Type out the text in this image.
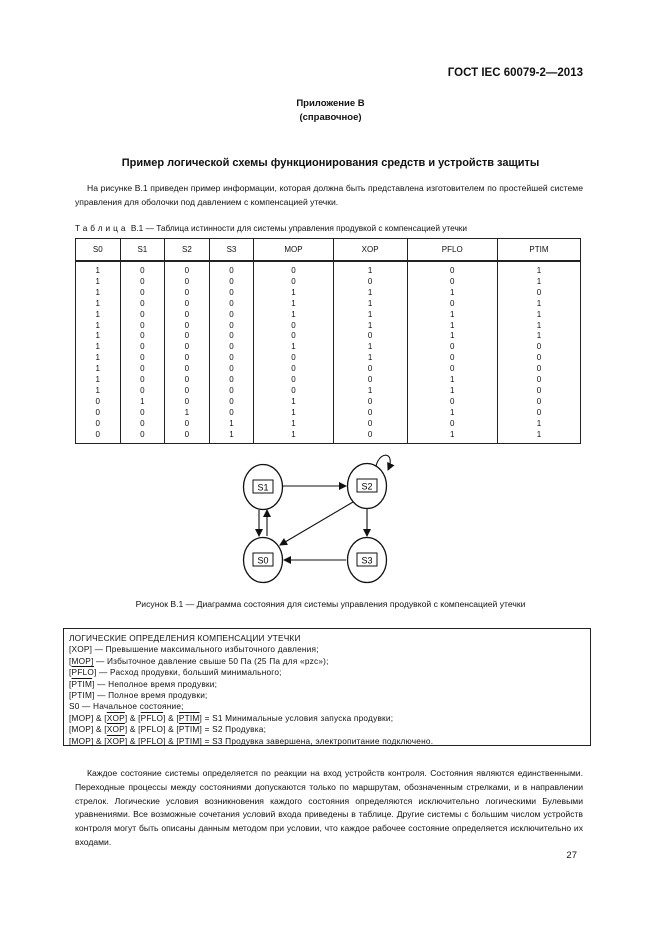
ГОСТ IEC 60079-2—2013
Приложение В
(справочное)
Пример логической схемы функционирования средств и устройств защиты

На рисунке В.1 приведен пример информации, которая должна быть представлена изготовителем по простейшей системе управления для оболочки под давлением с компенсацией утечки.

Таблица В.1 — Таблица истинности для системы управления продувкой с компенсацией утечки
S0	S1	S2	S3	MOP	XOP	PFLO	PTIM
1	0	0	0	0	1	0	1
1	0	0	0	0	0	0	1
1	0	0	0	1	1	1	0
1	0	0	0	1	1	0	1
1	0	0	0	1	1	1	1
1	0	0	0	0	1	1	1
1	0	0	0	0	0	1	1
1	0	0	0	1	1	0	0
1	0	0	0	0	1	0	0
1	0	0	0	0	0	0	0
1	0	0	0	0	0	1	0
1	0	0	0	0	1	1	0
0	1	0	0	1	0	0	0
0	0	1	0	1	0	1	0
0	0	0	1	1	0	0	1
0	0	0	1	1	0	1	1
S1	S2
S0	S3
Рисунок В.1 — Диаграмма состояния для системы управления продувкой с компенсацией утечки
ЛОГИЧЕСКИЕ ОПРЕДЕЛЕНИЯ КОМПЕНСАЦИИ УТЕЧКИ
[XOP] — Превышение максимального избыточного давления;
[MOP] — Избыточное давление свыше 50 Па (25 Па для «pzc»);
[PFLO] — Расход продувки, больший минимального;
[PTIM] — Неполное время продувки;
[PTIM] — Полное время продувки;
S0 — Начальное состояние;
[MOP] & $[\overline{XOP}]$ & [PFLO] & [PTIM] = S1 Минимальные условия запуска продувки;
[MOP] & $[\overline{XOP}]$ & [PFLO] & [PTIM] = S2 Продувка;
[MOP] & $[\overline{XOP}]$ & [PFLO] & [PTIM] = S3 Продувка завершена, электропитание подключено.

Каждое состояние системы определяется по реакции на вход устройств контроля. Состояния являются единственными. Переходные процессы между состояниями допускаются только по маршрутам, обозначенным стрелками, и в направлении стрелок. Логические условия возникновения каждого состояния определяются исключительно логическими Булевыми уравнениями. Все возможные сочетания условий входа приведены в таблице. Другие системы с большим числом устройств контроля могут быть описаны данным методом при условии, что каждое рабочее состояние определяется исключительно их входами.

27
